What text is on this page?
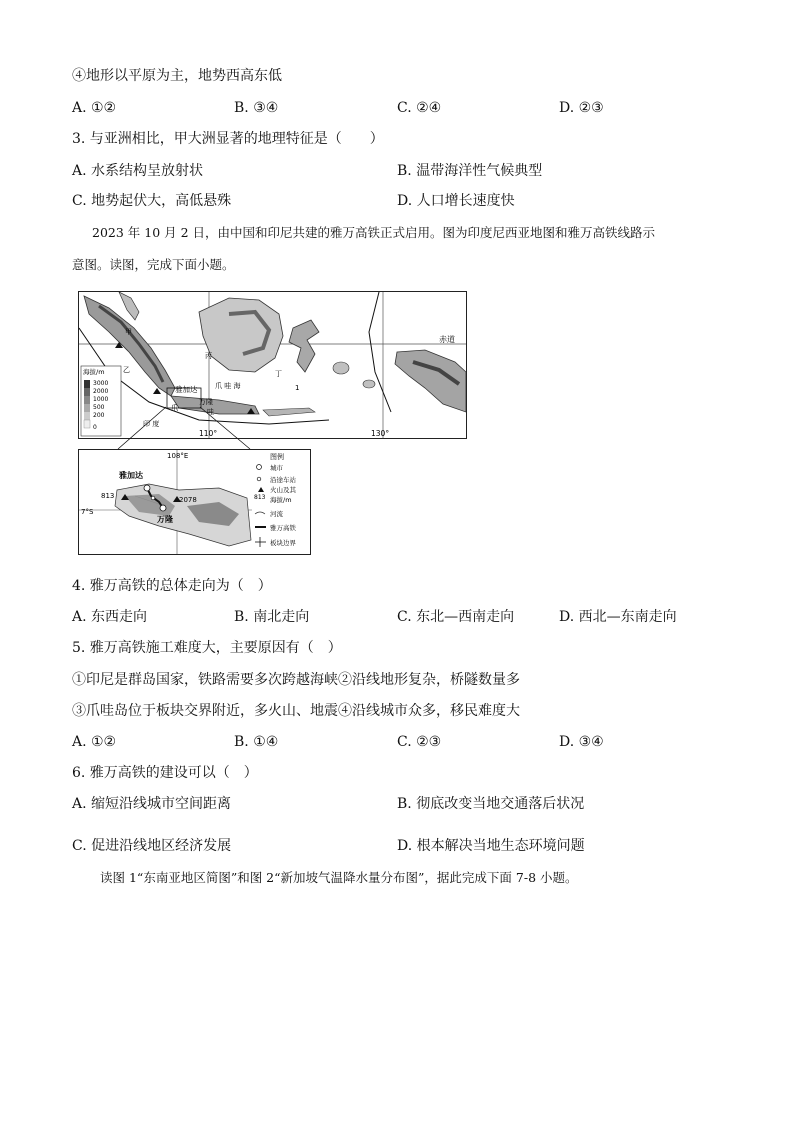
④地形以平原为主，地势西高东低
A. ①②	B. ③④	C. ②④	D. ②③
3. 与亚洲相比，甲大洲显著的地理特征是（　　）
A. 水系结构呈放射状	B. 温带海洋性气候典型
C. 地势起伏大，高低悬殊	D. 人口增长速度快
2023 年 10 月 2 日，由中国和印尼共建的雅万高铁正式启用。图为印度尼西亚地图和雅万高铁线路示
意图。读图，完成下面小题。
赤道
110°	130°
雅加达	爪 哇 海
万隆
爪	哇
印 度
甲
乙
丙
丁
1
海拔/m
3000
2000
1000
500
200
0
雅加达
万隆
813	2078
7°S
108°E	图例
城市
沿途车站
813
火山及其
海拔/m
河流
雅万高铁
板块边界
4. 雅万高铁的总体走向为（　）
A. 东西走向	B. 南北走向	C. 东北—西南走向	D. 西北—东南走向
5. 雅万高铁施工难度大，主要原因有（　）
①印尼是群岛国家，铁路需要多次跨越海峡②沿线地形复杂，桥隧数量多
③爪哇岛位于板块交界附近，多火山、地震④沿线城市众多，移民难度大
A. ①②	B. ①④	C. ②③	D. ③④
6. 雅万高铁的建设可以（　）
A. 缩短沿线城市空间距离	B. 彻底改变当地交通落后状况
C. 促进沿线地区经济发展	D. 根本解决当地生态环境问题
读图 1“东南亚地区简图”和图 2“新加坡气温降水量分布图”，据此完成下面 7-8 小题。
